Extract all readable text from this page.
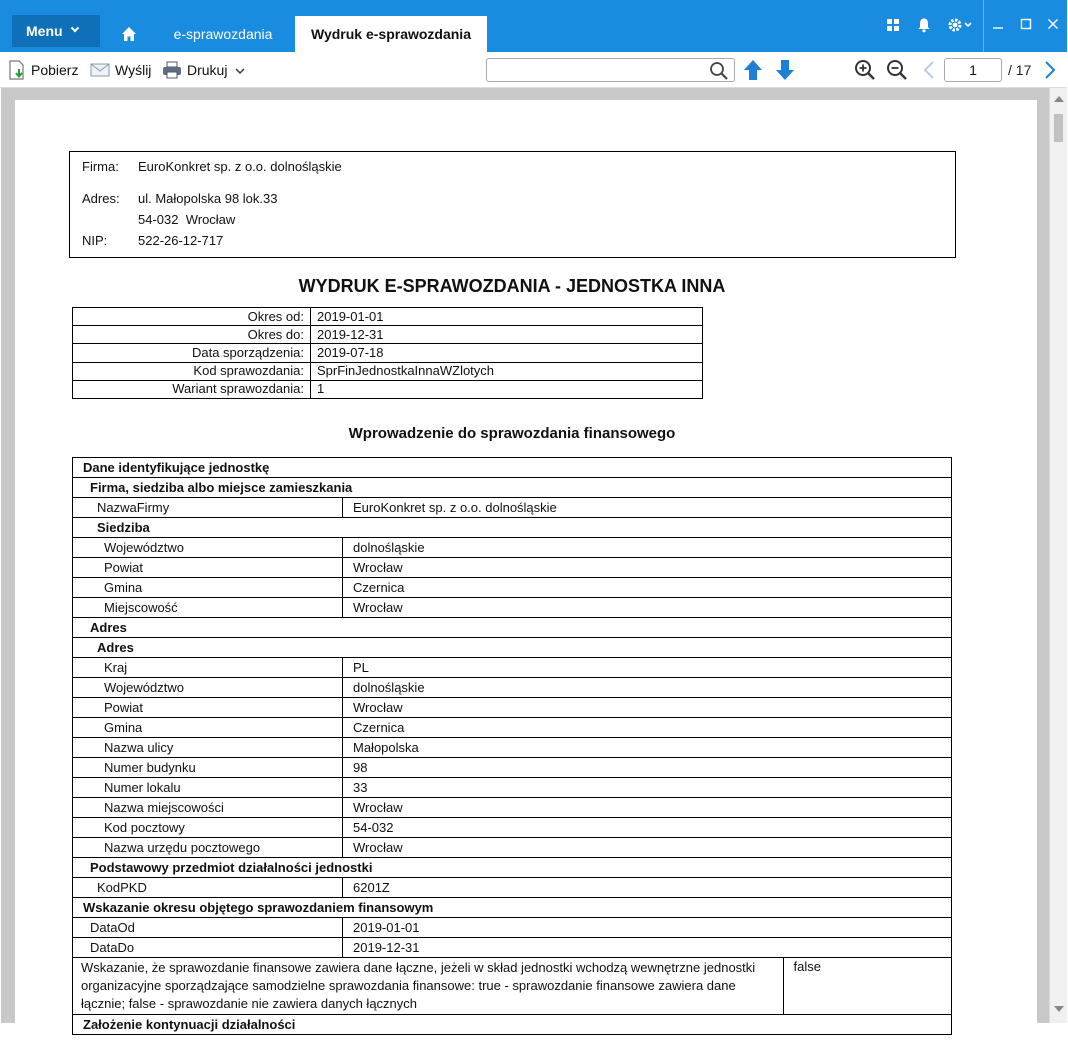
Menu	e-sprawozdania	Wydruk e-sprawozdania
Pobierz	Wyślij	Drukuj	1	/ 17
Firma: EuroKonkret sp. z o.o. dolnośląskie
Adres: ul. Małopolska 98 lok.33
54-032  Wrocław
NIP: 522-26-12-717
WYDRUK E-SPRAWOZDANIA - JEDNOSTKA INNA
Okres od:	2019-01-01
Okres do:	2019-12-31
Data sporządzenia:	2019-07-18
Kod sprawozdania:	SprFinJednostkaInnaWZlotych
Wariant sprawozdania:	1
Wprowadzenie do sprawozdania finansowego
Dane identyfikujące jednostkę
Firma, siedziba albo miejsce zamieszkania
NazwaFirmy	EuroKonkret sp. z o.o. dolnośląskie
Siedziba
Województwo	dolnośląskie
Powiat	Wrocław
Gmina	Czernica
Miejscowość	Wrocław
Adres
Adres
Kraj	PL
Województwo	dolnośląskie
Powiat	Wrocław
Gmina	Czernica
Nazwa ulicy	Małopolska
Numer budynku	98
Numer lokalu	33
Nazwa miejscowości	Wrocław
Kod pocztowy	54-032
Nazwa urzędu pocztowego	Wrocław
Podstawowy przedmiot działalności jednostki
KodPKD	6201Z
Wskazanie okresu objętego sprawozdaniem finansowym
DataOd	2019-01-01
DataDo	2019-12-31

Wskazanie, że sprawozdanie finansowe zawiera dane łączne, jeżeli w skład jednostki wchodzą wewnętrzne jednostki organizacyjne sporządzające samodzielne sprawozdania finansowe: true - sprawozdanie finansowe zawiera dane łącznie; false - sprawozdanie nie zawiera danych łącznych	false

Założenie kontynuacji działalności
